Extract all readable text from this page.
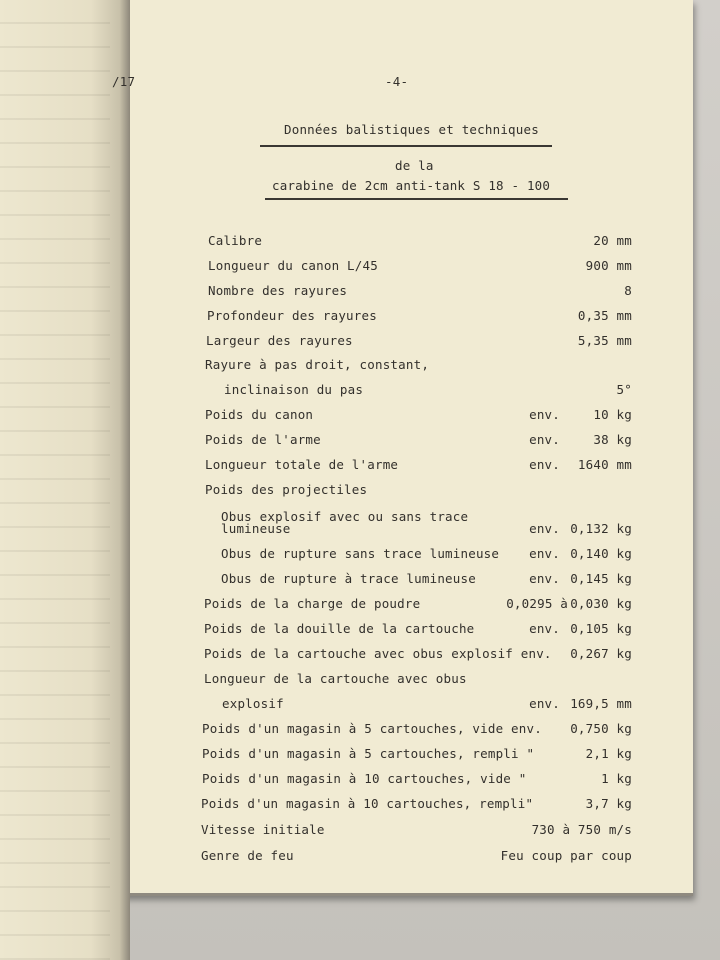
/17	-4-
Données balistiques et techniques
de la
carabine de 2cm anti-tank S 18 - 100
Calibre	20 mm
Longueur du canon L/45	900 mm
Nombre des rayures	8
Profondeur des rayures	0,35 mm
Largeur des rayures	5,35 mm
Rayure à pas droit, constant,
inclinaison du pas	5°
Poids du canon	env.	10 kg
Poids de l'arme	env.	38 kg
Longueur totale de l'arme	env. 1640 mm
Poids des projectiles
Obus explosif avec ou sans trace
lumineuse	env. 0,132 kg
Obus de rupture sans trace lumineuse env. 0,140 kg
Obus de rupture à trace lumineuse	env. 0,145 kg
Poids de la charge de poudre	0,0295 à 0,030 kg
Poids de la douille de la cartouche	env. 0,105 kg
Poids de la cartouche avec obus explosif env. 0,267 kg
Longueur de la cartouche avec obus
explosif	env. 169,5 mm
Poids d'un magasin à 5 cartouches, vide env. 0,750 kg
Poids d'un magasin à 5 cartouches, rempli "	2,1 kg
Poids d'un magasin à 10 cartouches, vide "	1 kg
Poids d'un magasin à 10 cartouches, rempli"	3,7 kg
Vitesse initiale	730 à 750 m/s
Genre de feu	Feu coup par coup
